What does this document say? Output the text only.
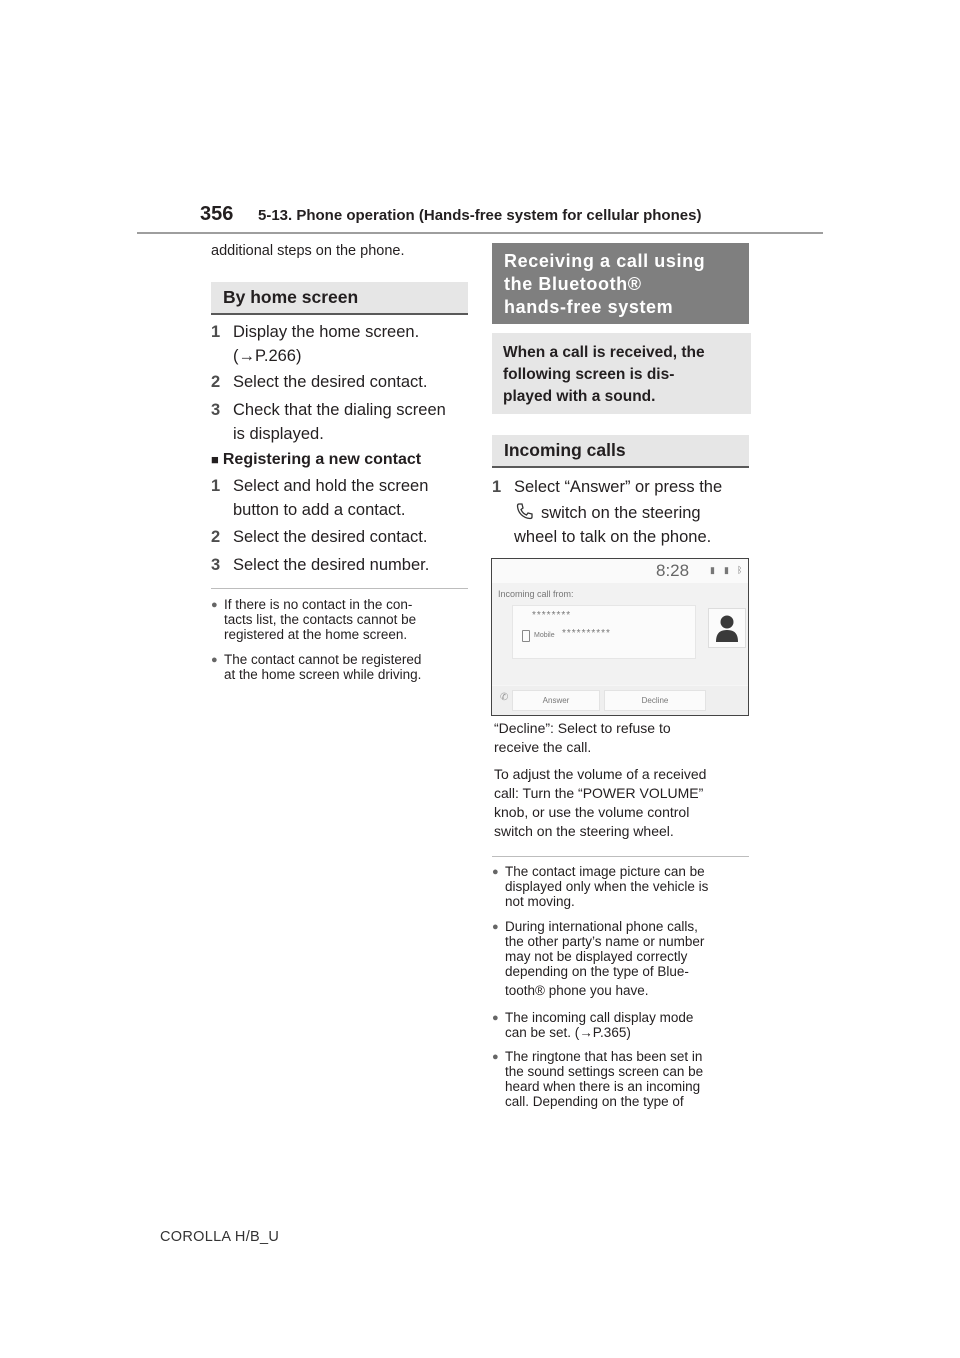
356 5-13. Phone operation (Hands-free system for cellular phones)
additional steps on the phone.
By home screen
1 Display the home screen.
(→P.266)
2 Select the desired contact.
3 Check that the dialing screen
is displayed.
■ Registering a new contact
1 Select and hold the screen
button to add a contact.
2 Select the desired contact.
3 Select the desired number.
● If there is no contact in the con-
tacts list, the contacts cannot be
registered at the home screen.
● The contact cannot be registered
at the home screen while driving.
Receiving a call using
the Bluetooth®
hands-free system
When a call is received, the
following screen is dis-
played with a sound.
Incoming calls
1 Select “Answer” or press the
switch on the steering
wheel to talk on the phone.
8:28 ▮ ▮ ᛒ
Incoming call from:
********
Mobile **********
✆	Answer	Decline
“Decline”: Select to refuse to
receive the call.
To adjust the volume of a received
call: Turn the “POWER VOLUME”
knob, or use the volume control
switch on the steering wheel.
● The contact image picture can be
displayed only when the vehicle is
not moving.
● During international phone calls,
the other party’s name or number
may not be displayed correctly
depending on the type of Blue-
tooth® phone you have.
● The incoming call display mode
can be set. (→P.365)
● The ringtone that has been set in
the sound settings screen can be
heard when there is an incoming
call. Depending on the type of
COROLLA H/B_U
